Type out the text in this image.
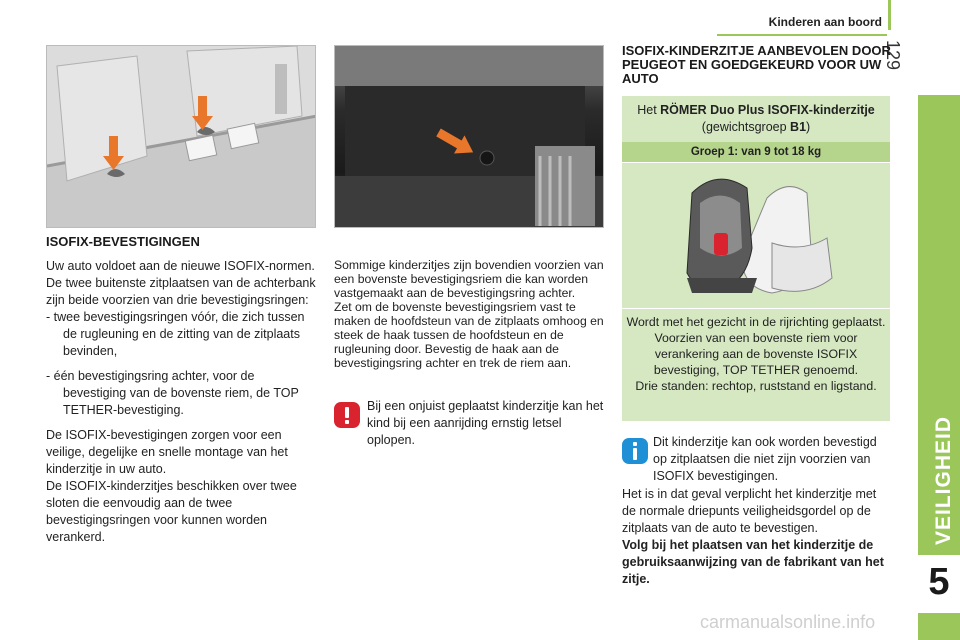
Kinderen aan boord
129
VEILIGHEID
5
ISOFIX-BEVESTIGINGEN

Uw auto voldoet aan de nieuwe ISOFIX-normen.

De twee buitenste zitplaatsen van de achterbank zijn beide voorzien van drie bevestigingsringen:

- twee bevestigingsringen vóór, die zich tussen de rugleuning en de zitting van de zitplaats bevinden,

- één bevestigingsring achter, voor de bevestiging van de bovenste riem, de TOP TETHER-bevestiging.

De ISOFIX-bevestigingen zorgen voor een veilige, degelijke en snelle montage van het kinderzitje in uw auto.

De ISOFIX-kinderzitjes beschikken over twee sloten die eenvoudig aan de twee bevestigingsringen voor kunnen worden verankerd.

Sommige kinderzitjes zijn bovendien voorzien van een bovenste bevestigingsriem die kan worden vastgemaakt aan de bevestigingsring achter.

Zet om de bovenste bevestigingsriem vast te maken de hoofdsteun van de zitplaats omhoog en steek de haak tussen de hoofdsteun en de rugleuning door. Bevestig de haak aan de bevestigingsring achter en trek de riem aan.

Bij een onjuist geplaatst kinderzitje kan het kind bij een aanrijding ernstig letsel oplopen.
ISOFIX-KINDERZITJE AANBEVOLEN DOOR PEUGEOT EN GOEDGEKEURD VOOR UW AUTO
Het RÖMER Duo Plus ISOFIX-kinderzitje
(gewichtsgroep B1)
Groep 1: van 9 tot 18 kg

Wordt met het gezicht in de rijrichting geplaatst.

Voorzien van een bovenste riem voor verankering aan de bovenste ISOFIX bevestiging, TOP TETHER genoemd.

Drie standen: rechtop, ruststand en ligstand.

Dit kinderzitje kan ook worden bevestigd op zitplaatsen die niet zijn voorzien van ISOFIX bevestigingen.
Het is in dat geval verplicht het kinderzitje met de normale driepunts veiligheidsgordel op de zitplaats van de auto te bevestigen.
Volg bij het plaatsen van het kinderzitje de gebruiksaanwijzing van de fabrikant van het zitje.
carmanualsonline.info
